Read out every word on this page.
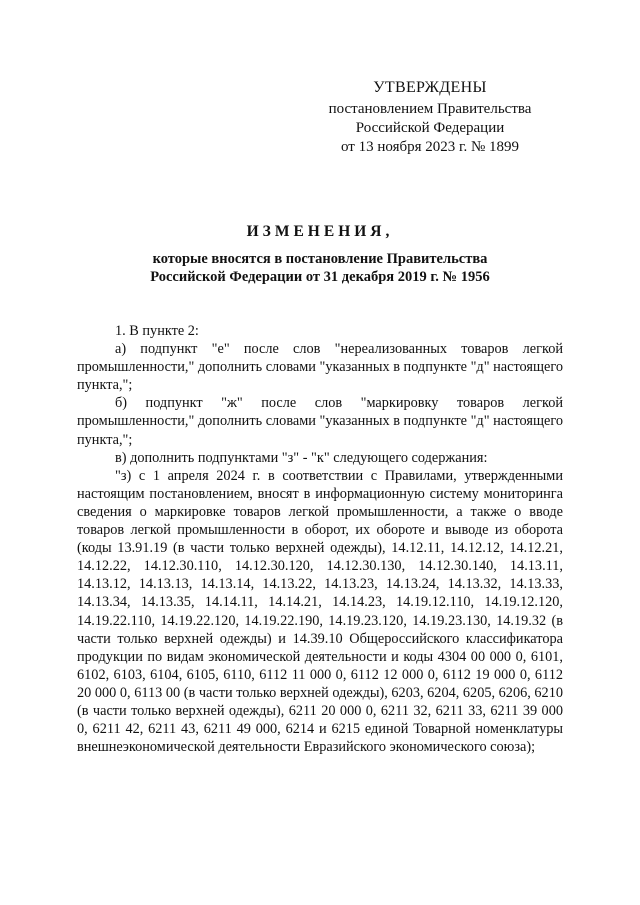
УТВЕРЖДЕНЫ
постановлением Правительства
Российской Федерации
от 13 ноября 2023 г. № 1899
ИЗМЕНЕНИЯ,
которые вносятся в постановление Правительства
Российской Федерации от 31 декабря 2019 г. № 1956

1. В пункте 2:

а) подпункт "е" после слов "нереализованных товаров легкой промышленности," дополнить словами "указанных в подпункте "д" настоящего пункта,";

б) подпункт "ж" после слов "маркировку товаров легкой промышленности," дополнить словами "указанных в подпункте "д" настоящего пункта,";

в) дополнить подпунктами "з" - "к" следующего содержания:

"з) с 1 апреля 2024 г. в соответствии с Правилами, утвержденными настоящим постановлением, вносят в информационную систему мониторинга сведения о маркировке товаров легкой промышленности, а также о вводе товаров легкой промышленности в оборот, их обороте и выводе из оборота (коды 13.91.19 (в части только верхней одежды), 14.12.11, 14.12.12, 14.12.21, 14.12.22, 14.12.30.110, 14.12.30.120, 14.12.30.130, 14.12.30.140, 14.13.11, 14.13.12, 14.13.13, 14.13.14, 14.13.22, 14.13.23, 14.13.24, 14.13.32, 14.13.33, 14.13.34, 14.13.35, 14.14.11, 14.14.21, 14.14.23, 14.19.12.110, 14.19.12.120, 14.19.22.110, 14.19.22.120, 14.19.22.190, 14.19.23.120, 14.19.23.130, 14.19.32 (в части только верхней одежды) и 14.39.10 Общероссийского классификатора продукции по видам экономической деятельности и коды 4304 00 000 0, 6101, 6102, 6103, 6104, 6105, 6110, 6112 11 000 0, 6112 12 000 0, 6112 19 000 0, 6112 20 000 0, 6113 00 (в части только верхней одежды), 6203, 6204, 6205, 6206, 6210 (в части только верхней одежды), 6211 20 000 0, 6211 32, 6211 33, 6211 39 000 0, 6211 42, 6211 43, 6211 49 000, 6214 и 6215 единой Товарной номенклатуры внешнеэкономической деятельности Евразийского экономического союза);
